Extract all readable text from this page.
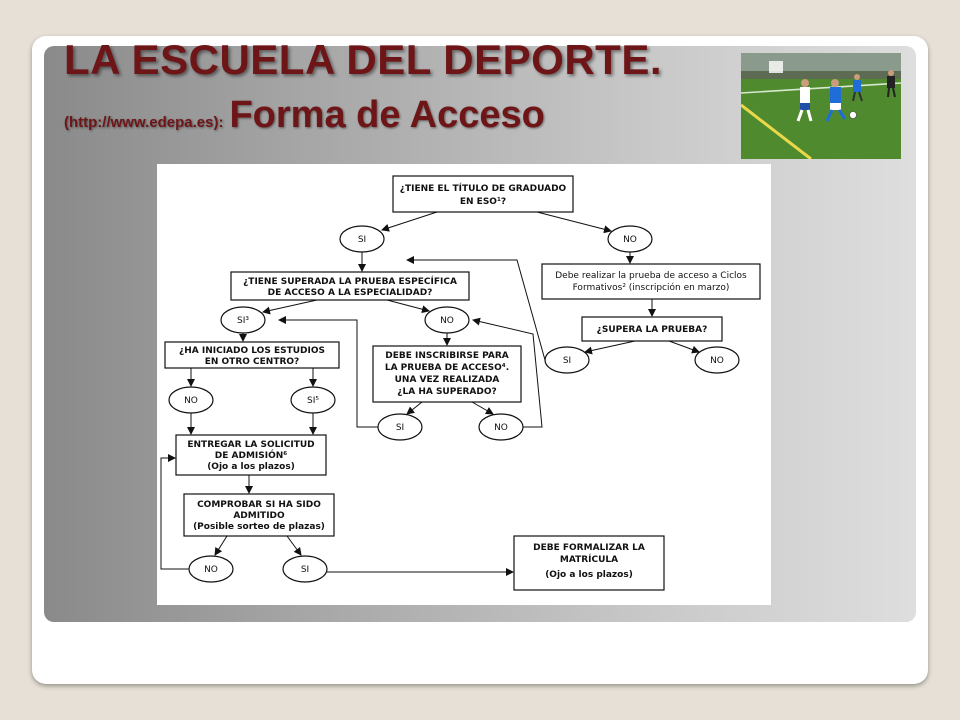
LA ESCUELA DEL DEPORTE.
(http://www.edepa.es): Forma de Acceso
¿TIENE EL TÍTULO DE GRADUADO
EN ESO¹?
SI	NO
Debe realizar la prueba de acceso a Ciclos
Formativos² (inscripción en marzo)
¿SUPERA LA PRUEBA?
SI	NO
¿TIENE SUPERADA LA PRUEBA ESPECÍFICA
DE ACCESO A LA ESPECIALIDAD?
SI³	NO
¿HA INICIADO LOS ESTUDIOS
EN OTRO CENTRO?
DEBE INSCRIBIRSE PARA
LA PRUEBA DE ACCESO⁴.
UNA VEZ REALIZADA
¿LA HA SUPERADO?
NO	SI⁵
SI	NO
ENTREGAR LA SOLICITUD
DE ADMISIÓN⁶
(Ojo a los plazos)
COMPROBAR SI HA SIDO
ADMITIDO
(Posible sorteo de plazas)
NO	SI
DEBE FORMALIZAR LA
MATRÍCULA
(Ojo a los plazos)
